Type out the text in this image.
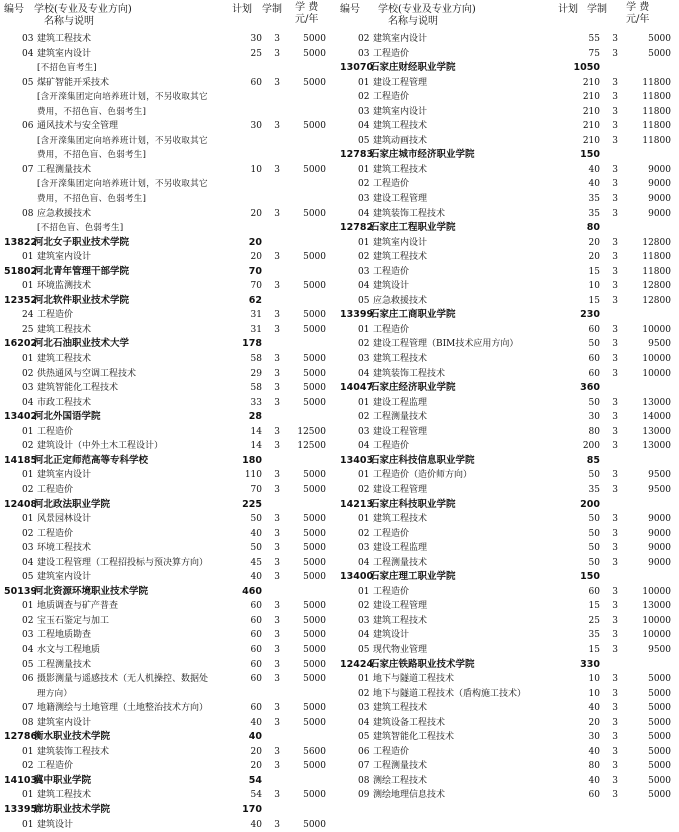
编号 学校(专业及专业方向)
名称与说明
计划 学制 学 费
元/年
03 建筑工程技术	30 3	5000
04 建筑室内设计	25 3	5000
[不招色盲考生]
05 煤矿智能开采技术	60 3	5000
[含开滦集团定向培养班计划，不另收取其它
费用，不招色盲、色弱考生]
06 通风技术与安全管理	30 3	5000
[含开滦集团定向培养班计划，不另收取其它
费用，不招色盲、色弱考生]
07 工程测量技术	10 3	5000
[含开滦集团定向培养班计划，不另收取其它
费用，不招色盲、色弱考生]
08 应急救援技术	20 3	5000
[不招色盲、色弱考生]
13822
河北女子职业技术学院	20
01 建筑室内设计	20 3	5000
51802
河北青年管理干部学院	70
01 环境监测技术	70 3	5000
12352
河北软件职业技术学院	62
24 工程造价	31 3	5000
25 建筑工程技术	31 3	5000
16202
河北石油职业技术大学	178
01 建筑工程技术	58 3	5000
02 供热通风与空调工程技术	29 3	5000
03 建筑智能化工程技术	58 3	5000
04 市政工程技术	33 3	5000
13402
河北外国语学院	28
01 工程造价	14 3 12500
02 建筑设计（中外土木工程设计）	14 3 12500
14185
河北正定师范高等专科学校	180
01 建筑室内设计	110 3	5000
02 工程造价	70 3	5000
12408
河北政法职业学院	225
01 风景园林设计	50 3	5000
02 工程造价	40 3	5000
03 环境工程技术	50 3	5000
04 建设工程管理（工程招投标与预决算方向）	45 3	5000
05 建筑室内设计	40 3	5000
50139
河北资源环境职业技术学院	460
01 地质调查与矿产普查	60 3	5000
02 宝玉石鉴定与加工	60 3	5000
03 工程地质勘查	60 3	5000
04 水文与工程地质	60 3	5000
05 工程测量技术	60 3	5000
06 摄影测量与遥感技术（无人机操控、数据处	60 3	5000
理方向）
07 地籍测绘与土地管理（土地整治技术方向）	60 3	5000
08 建筑室内设计	40 3	5000
12786
衡水职业技术学院	40
01 建筑装饰工程技术	20 3	5600
02 工程造价	20 3	5000
14103
冀中职业学院	54
01 建筑工程技术	54 3	5000
13395
廊坊职业技术学院	170
01 建筑设计	40 3	5000
编号 学校(专业及专业方向)
名称与说明
计划 学制 学 费
元/年
02 建筑室内设计	55 3	5000
03 工程造价	75 3	5000
13070
石家庄财经职业学院	1050
01 建设工程管理	210 3	11800
02 工程造价	210 3	11800
03 建筑室内设计	210 3	11800
04 建筑工程技术	210 3	11800
05 建筑动画技术	210 3	11800
12783
石家庄城市经济职业学院	150
01 建筑工程技术	40 3	9000
02 工程造价	40 3	9000
03 建设工程管理	35 3	9000
04 建筑装饰工程技术	35 3	9000
12782
石家庄工程职业学院	80
01 建筑室内设计	20 3	12800
02 建筑工程技术	20 3	11800
03 工程造价	15 3	11800
04 建筑设计	10 3	12800
05 应急救援技术	15 3	12800
13399
石家庄工商职业学院	230
01 工程造价	60 3	10000
02 建设工程管理（BIM技术应用方向）	50 3	9500
03 建筑工程技术	60 3	10000
04 建筑装饰工程技术	60 3	10000
14047
石家庄经济职业学院	360
01 建设工程监理	50 3	13000
02 工程测量技术	30 3	14000
03 建设工程管理	80 3	13000
04 工程造价	200 3	13000
13403
石家庄科技信息职业学院	85
01 工程造价（造价师方向）	50 3	9500
02 建设工程管理	35 3	9500
14213
石家庄科技职业学院	200
01 建筑工程技术	50 3	9000
02 工程造价	50 3	9000
03 建设工程监理	50 3	9000
04 工程测量技术	50 3	9000
13400
石家庄理工职业学院	150
01 工程造价	60 3	10000
02 建设工程管理	15 3	13000
03 建筑工程技术	25 3	10000
04 建筑设计	35 3	10000
05 现代物业管理	15 3	9500
12424
石家庄铁路职业技术学院	330
01 地下与隧道工程技术	10 3	5000
02 地下与隧道工程技术（盾构施工技术）	10 3	5000
03 建筑工程技术	40 3	5000
04 建筑设备工程技术	20 3	5000
05 建筑智能化工程技术	30 3	5000
06 工程造价	40 3	5000
07 工程测量技术	80 3	5000
08 测绘工程技术	40 3	5000
09 测绘地理信息技术	60 3	5000
